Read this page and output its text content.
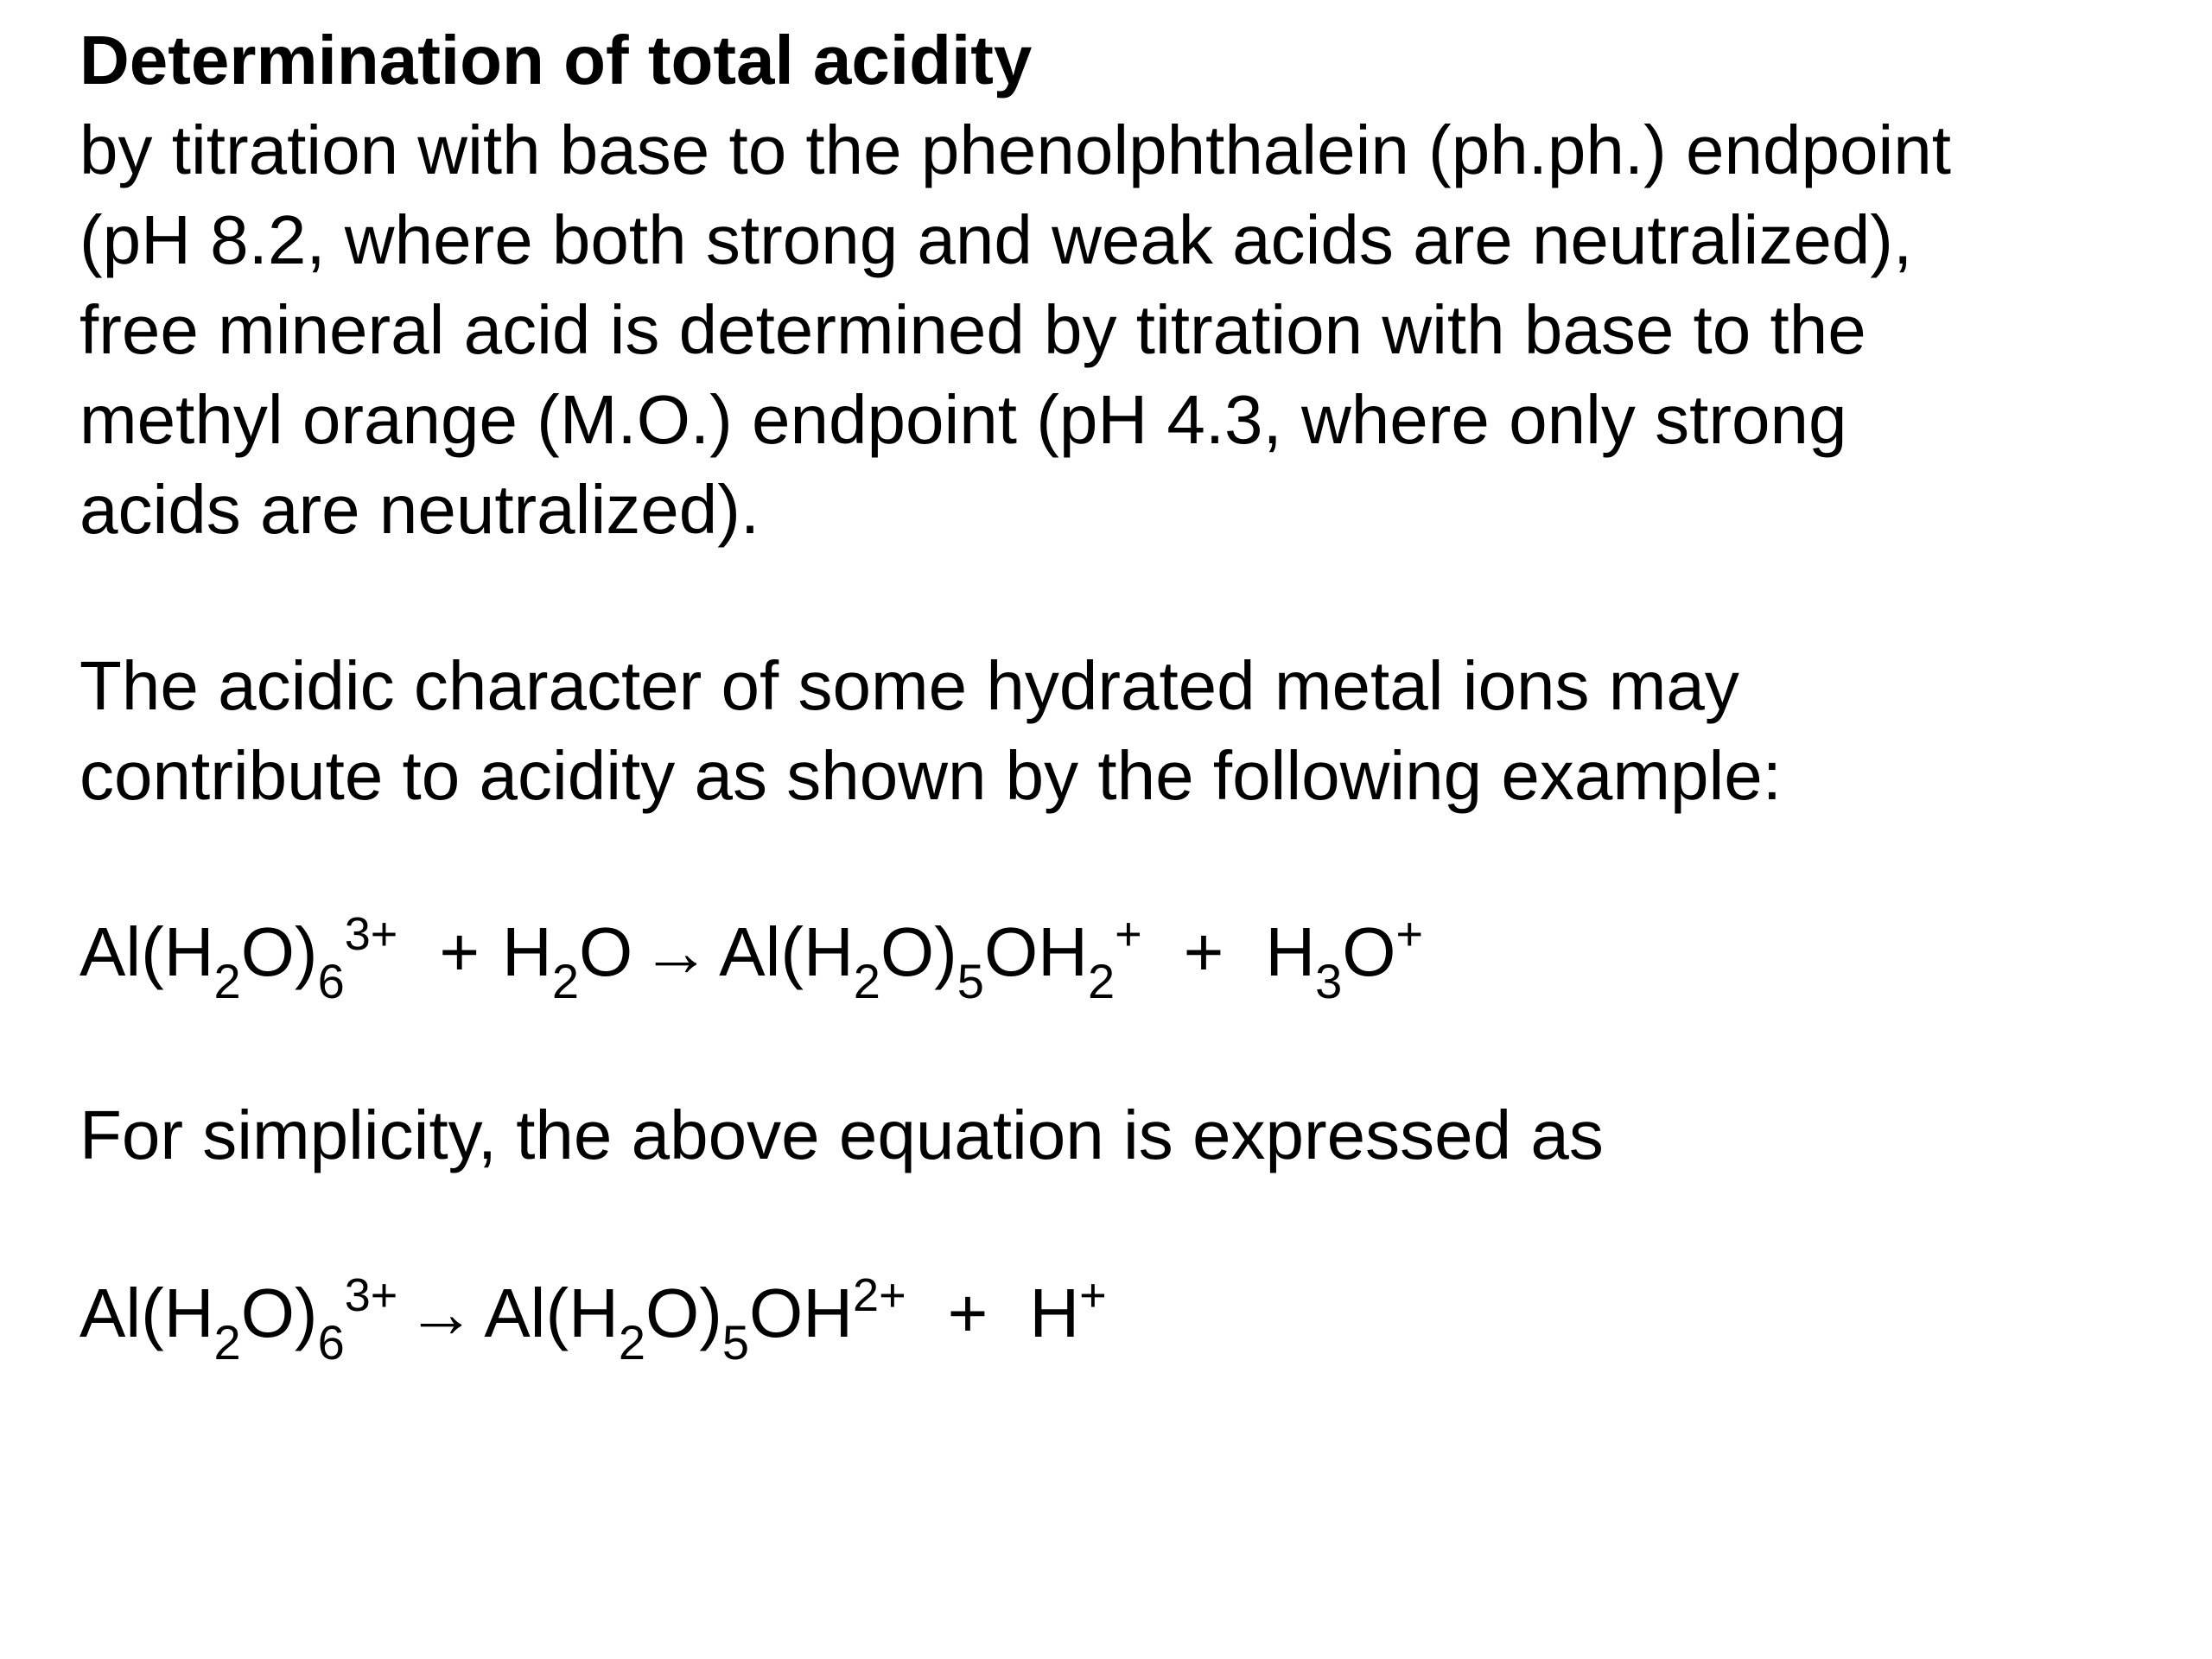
Determination of total acidity
by titration with base to the phenolphthalein (ph.ph.) endpoint
(pH 8.2, where both strong and weak acids are neutralized),
free mineral acid is determined by titration with base to the
methyl orange (M.O.) endpoint (pH 4.3, where only strong
acids are neutralized).
The acidic character of some hydrated metal ions may
contribute to acidity as shown by the following example:
$Al(H_2O)_6^{3+} + H_2O \to Al(H_2O)_5OH_2^+ + H_3O^+$
For simplicity, the above equation is expressed as
$Al(H_2O)_6^{3+} \to Al(H_2O)_5OH^{2+} + H^+$
